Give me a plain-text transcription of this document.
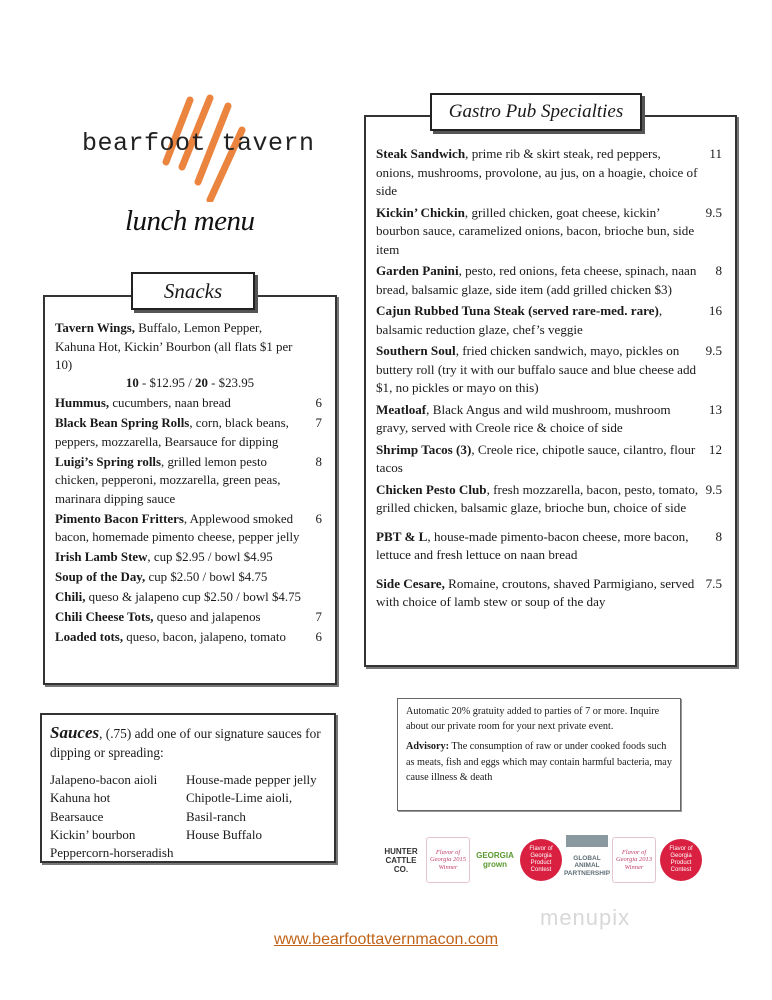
bearfoot tavern
lunch menu
Snacks
Tavern Wings, Buffalo, Lemon Pepper, Kahuna Hot, Kickin’ Bourbon (all flats $1 per 10)
10 - $12.95 / 20 - $23.95
Hummus, cucumbers, naan bread	6
Black Bean Spring Rolls, corn, black beans, peppers, mozzarella, Bearsauce for dipping
7
Luigi’s Spring rolls, grilled lemon pesto chicken, pepperoni, mozzarella, green peas, marinara dipping sauce
8
Pimento Bacon Fritters, Applewood smoked bacon, homemade pimento cheese, pepper jelly
6
Irish Lamb Stew, cup $2.95 / bowl $4.95
Soup of the Day, cup $2.50 / bowl $4.75
Chili, queso & jalapeno cup $2.50 / bowl $4.75
Chili Cheese Tots, queso and jalapenos	7
Loaded tots, queso, bacon, jalapeno, tomato 6
Gastro Pub Specialties
Steak Sandwich, prime rib & skirt steak, red peppers, onions, mushrooms, provolone, au jus, on a hoagie, choice of side
11
Kickin’ Chickin, grilled chicken, goat cheese, kickin’ bourbon sauce, caramelized onions, bacon, brioche bun, side item
9.5
Garden Panini, pesto, red onions, feta cheese, spinach, naan bread, balsamic glaze, side item (add grilled chicken $3)
8
Cajun Rubbed Tuna Steak (served rare-med. rare), balsamic reduction glaze, chef’s veggie
16
Southern Soul, fried chicken sandwich, mayo, pickles on buttery roll (try it with our buffalo sauce and blue cheese add $1, no pickles or mayo on this)
9.5
Meatloaf, Black Angus and wild mushroom, mushroom gravy, served with Creole rice & choice of side
13
Shrimp Tacos (3), Creole rice, chipotle sauce, cilantro, flour tacos
12
Chicken Pesto Club, fresh mozzarella, bacon, pesto, tomato, grilled chicken, balsamic glaze, brioche bun, choice of side
9.5
PBT & L, house-made pimento-bacon cheese, more bacon, lettuce and fresh lettuce on naan bread
8
Side Cesare, Romaine, croutons, shaved Parmigiano, served with choice of lamb stew or soup of the day
7.5
Sauces, (.75) add one of our signature sauces for dipping or spreading:
Jalapeno-bacon aioli
Kahuna hot
Bearsauce
Kickin’ bourbon
Peppercorn-horseradish
House-made pepper jelly
Chipotle-Lime aioli,
Basil-ranch
House Buffalo

Automatic 20% gratuity added to parties of 7 or more. Inquire about our private room for your next private event.

Advisory: The consumption of raw or under cooked foods such as meats, fish and eggs which may contain harmful bacteria, may cause illness & death

HUNTER CATTLE CO.
Flavor of Georgia 2015 Winner
GEORGIA grown
Flavor of Georgia Product Contest
GLOBAL ANIMAL PARTNERSHIP
Flavor of Georgia 2013 Winner
Flavor of Georgia Product Contest
menupix
www.bearfoottavernmacon.com
